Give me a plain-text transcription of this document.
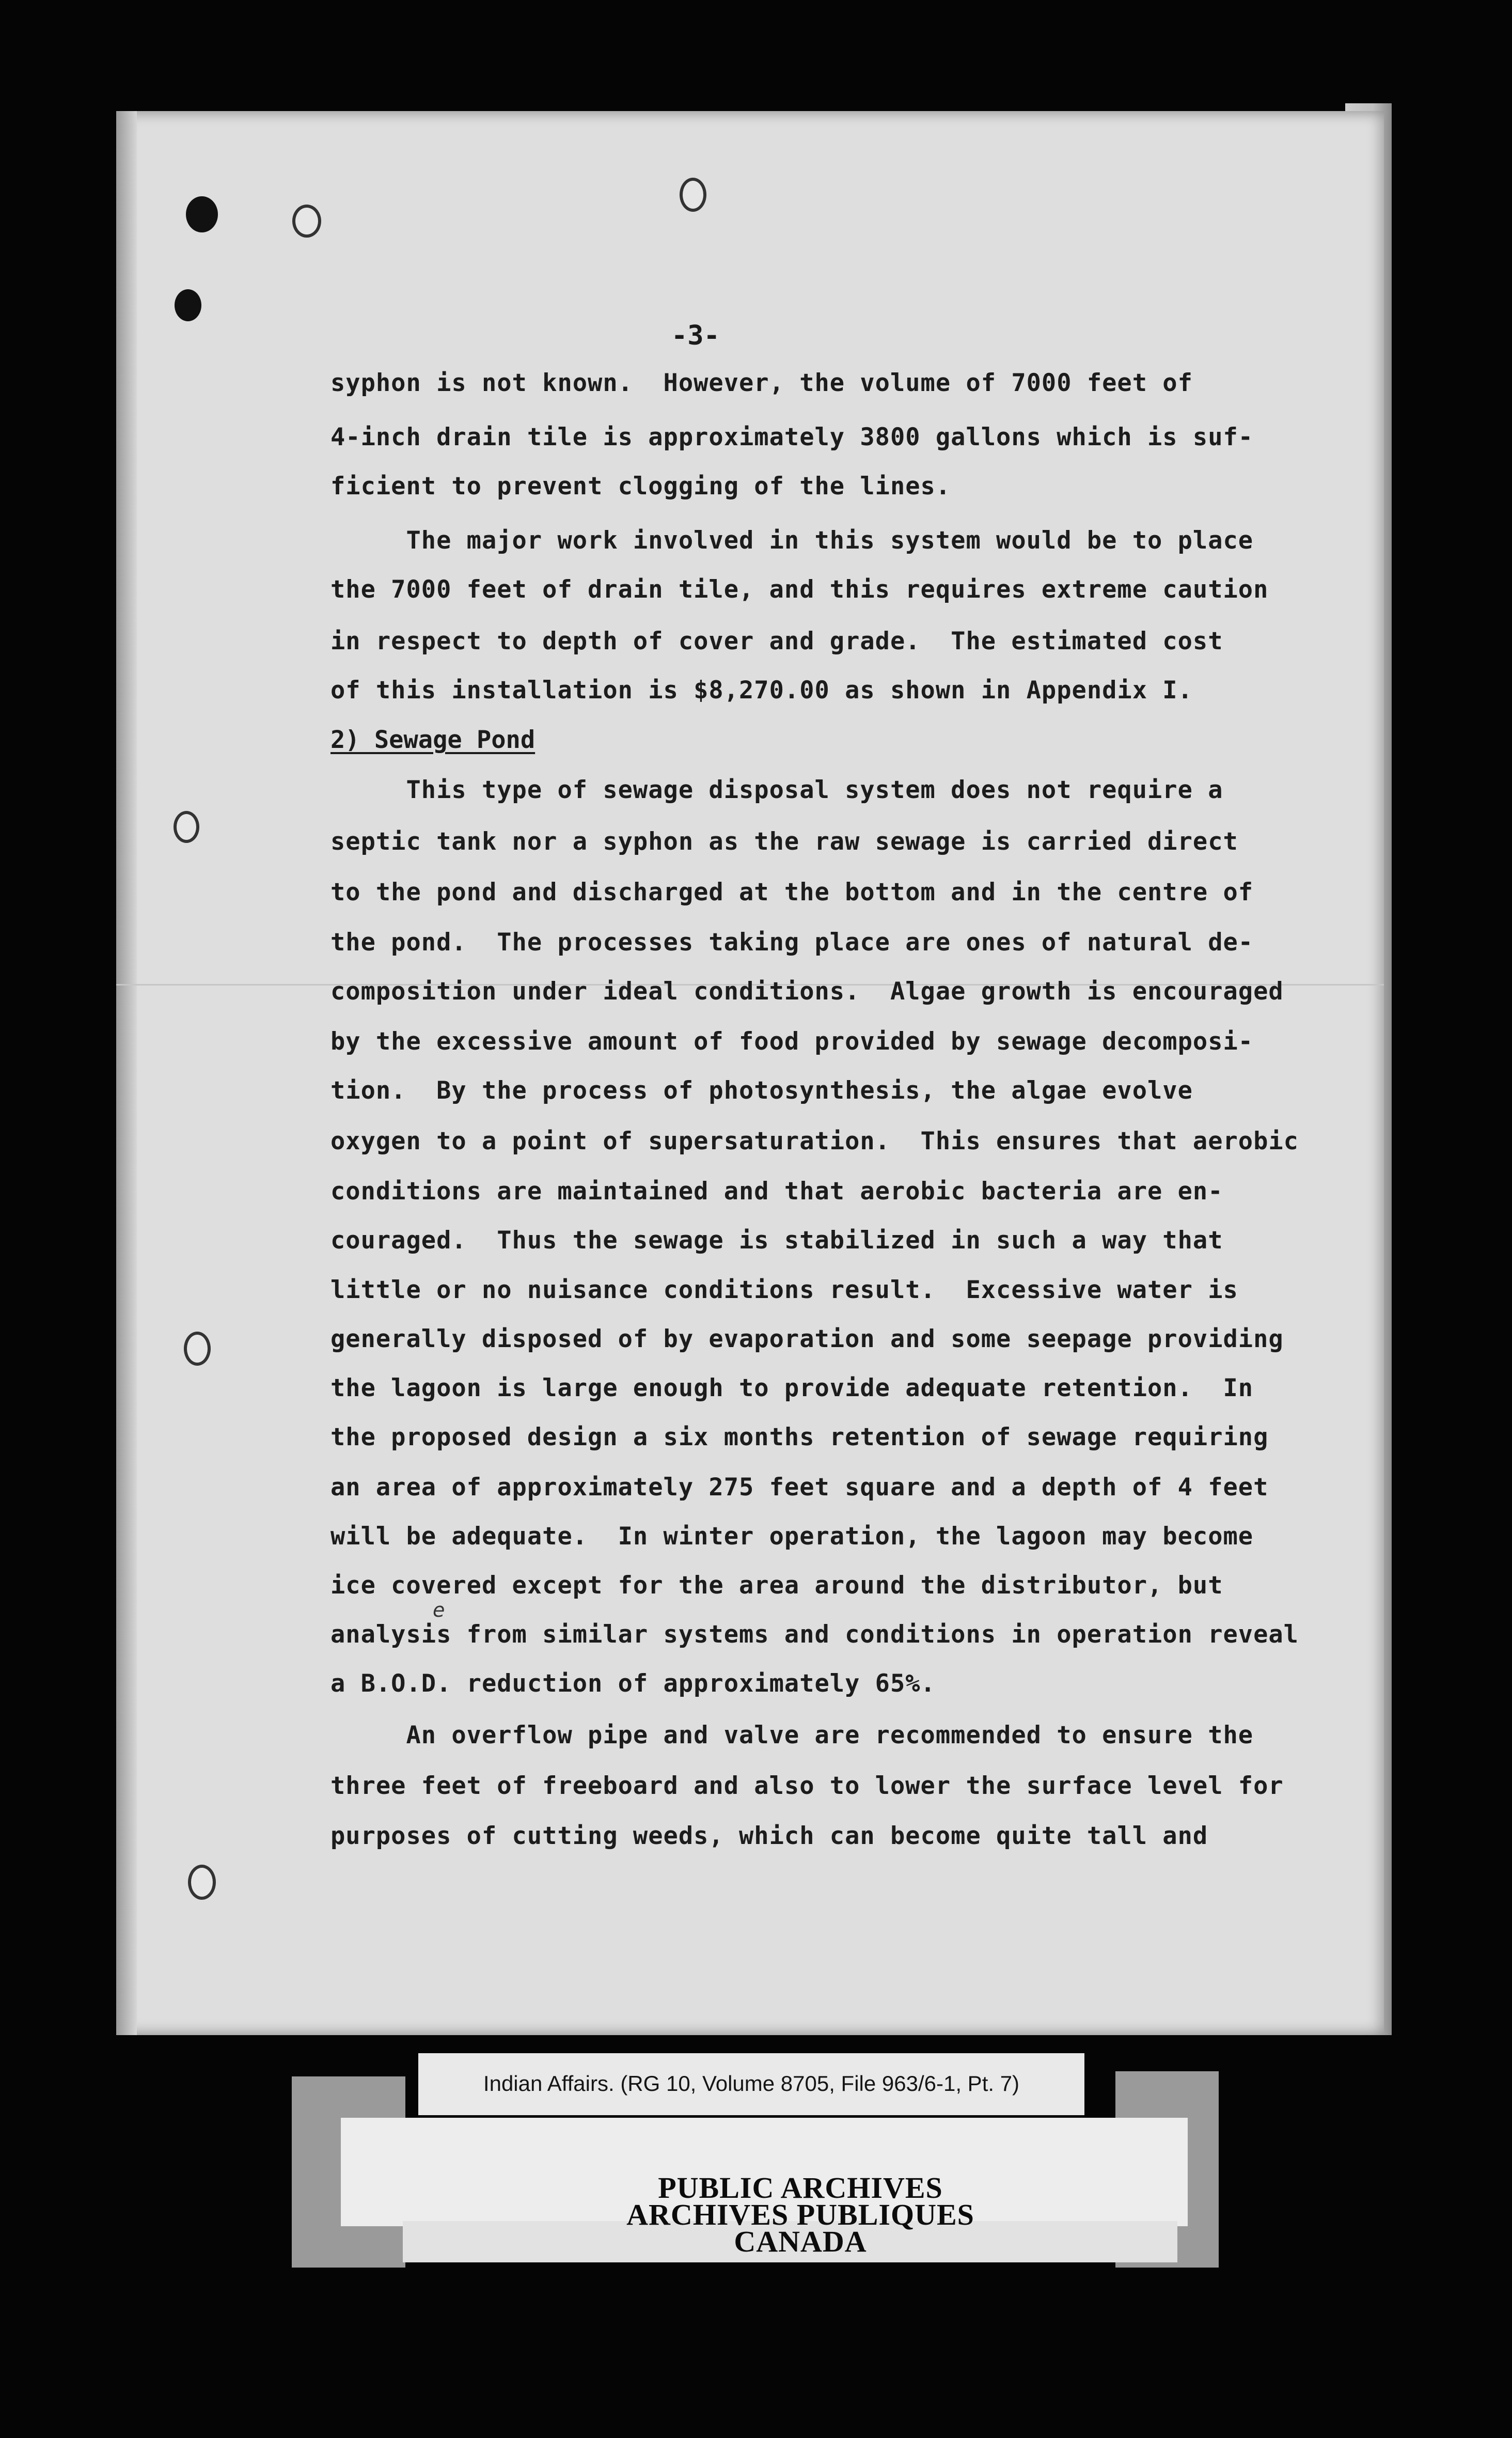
-3-
syphon is not known.  However, the volume of 7000 feet of
4-inch drain tile is approximately 3800 gallons which is suf-
ficient to prevent clogging of the lines.
The major work involved in this system would be to place
the 7000 feet of drain tile, and this requires extreme caution
in respect to depth of cover and grade.  The estimated cost
of this installation is $8,270.00 as shown in Appendix I.
2) Sewage Pond
This type of sewage disposal system does not require a
septic tank nor a syphon as the raw sewage is carried direct
to the pond and discharged at the bottom and in the centre of
the pond.  The processes taking place are ones of natural de-
composition under ideal conditions.  Algae growth is encouraged
by the excessive amount of food provided by sewage decomposi-
tion.  By the process of photosynthesis, the algae evolve
oxygen to a point of supersaturation.  This ensures that aerobic
conditions are maintained and that aerobic bacteria are en-
couraged.  Thus the sewage is stabilized in such a way that
little or no nuisance conditions result.  Excessive water is
generally disposed of by evaporation and some seepage providing
the lagoon is large enough to provide adequate retention.  In
the proposed design a six months retention of sewage requiring
an area of approximately 275 feet square and a depth of 4 feet
will be adequate.  In winter operation, the lagoon may become
ice covered except for the area around the distributor, but
e
analysis from similar systems and conditions in operation reveal
a B.O.D. reduction of approximately 65%.
An overflow pipe and valve are recommended to ensure the
three feet of freeboard and also to lower the surface level for
purposes of cutting weeds, which can become quite tall and
Indian Affairs. (RG 10, Volume 8705, File 963/6-1, Pt. 7)
PUBLIC ARCHIVES
ARCHIVES PUBLIQUES
CANADA
